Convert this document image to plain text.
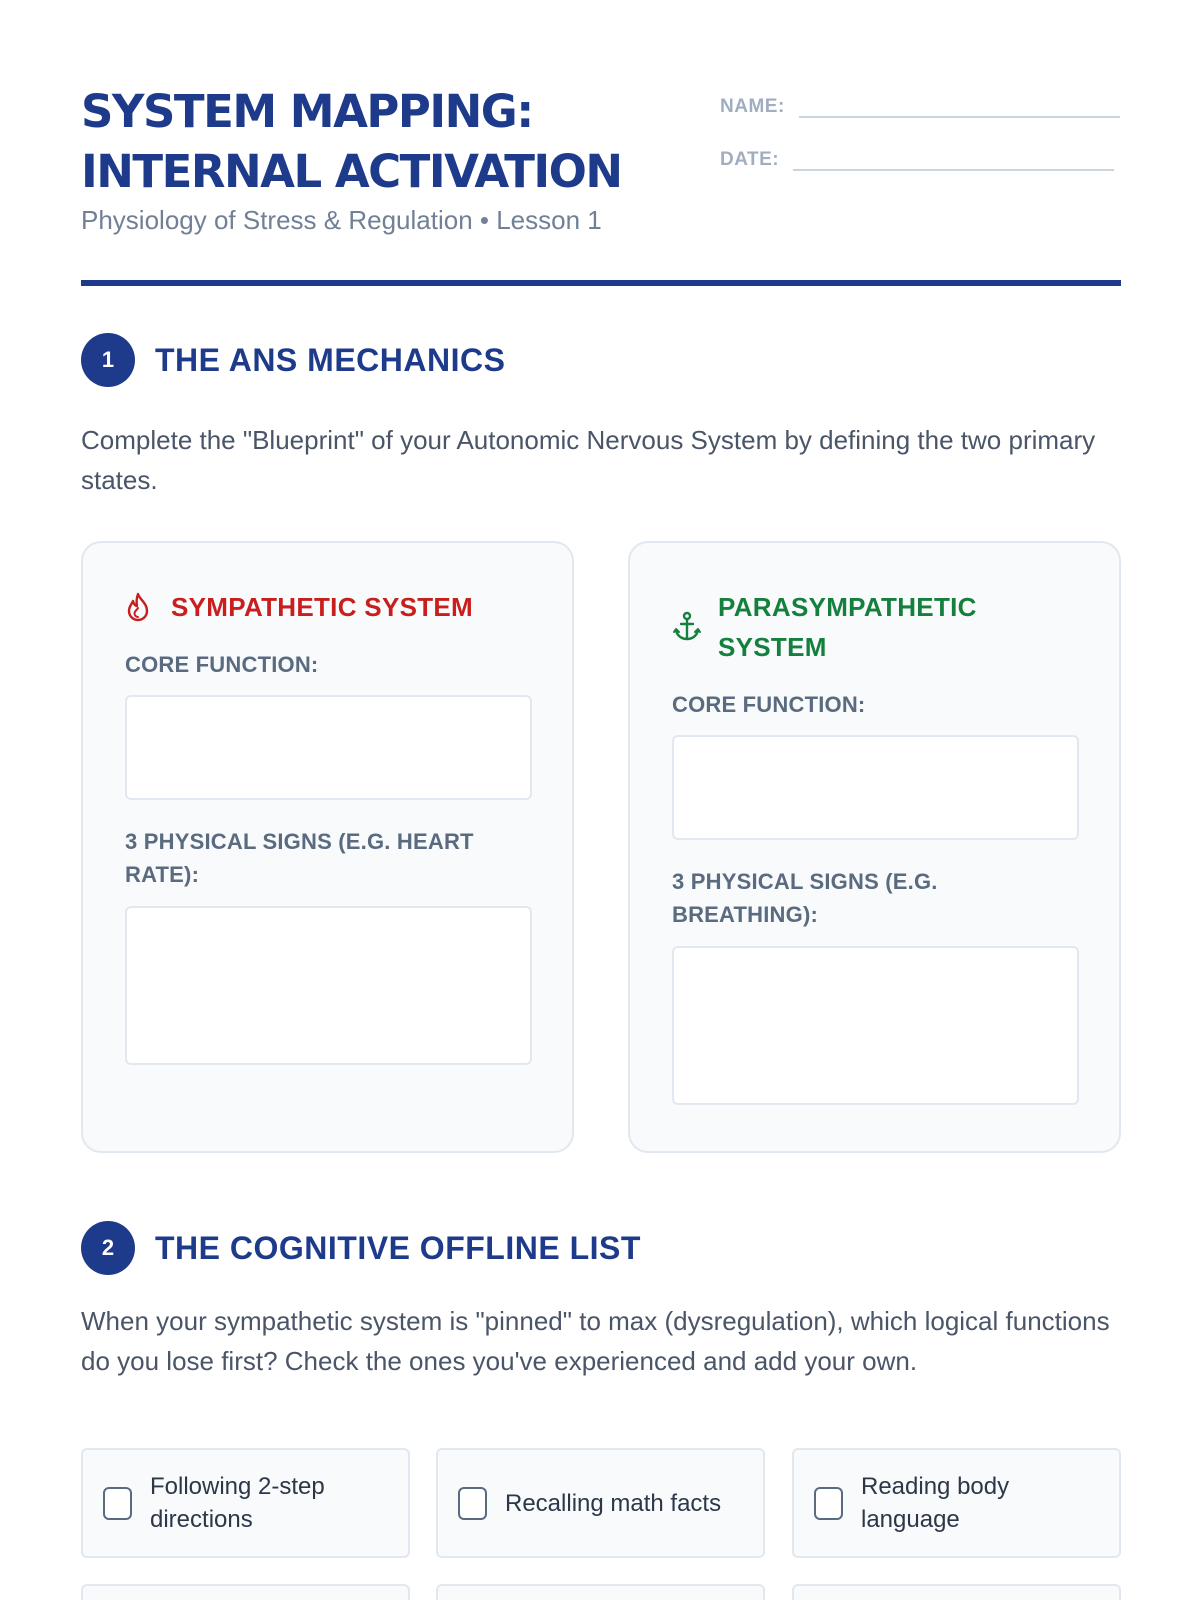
SYSTEM MAPPING:
INTERNAL ACTIVATION
Physiology of Stress & Regulation • Lesson 1
NAME:
DATE:
1	THE ANS MECHANICS
Complete the "Blueprint" of your Autonomic Nervous System by defining the two primary states.
SYMPATHETIC SYSTEM
CORE FUNCTION:
3 PHYSICAL SIGNS (E.G. HEART RATE):
PARASYMPATHETIC SYSTEM
CORE FUNCTION:
3 PHYSICAL SIGNS (E.G. BREATHING):
2	THE COGNITIVE OFFLINE LIST
When your sympathetic system is "pinned" to max (dysregulation), which logical functions do you lose first? Check the ones you've experienced and add your own.
Following 2-step directions
Recalling math facts
Reading body language
